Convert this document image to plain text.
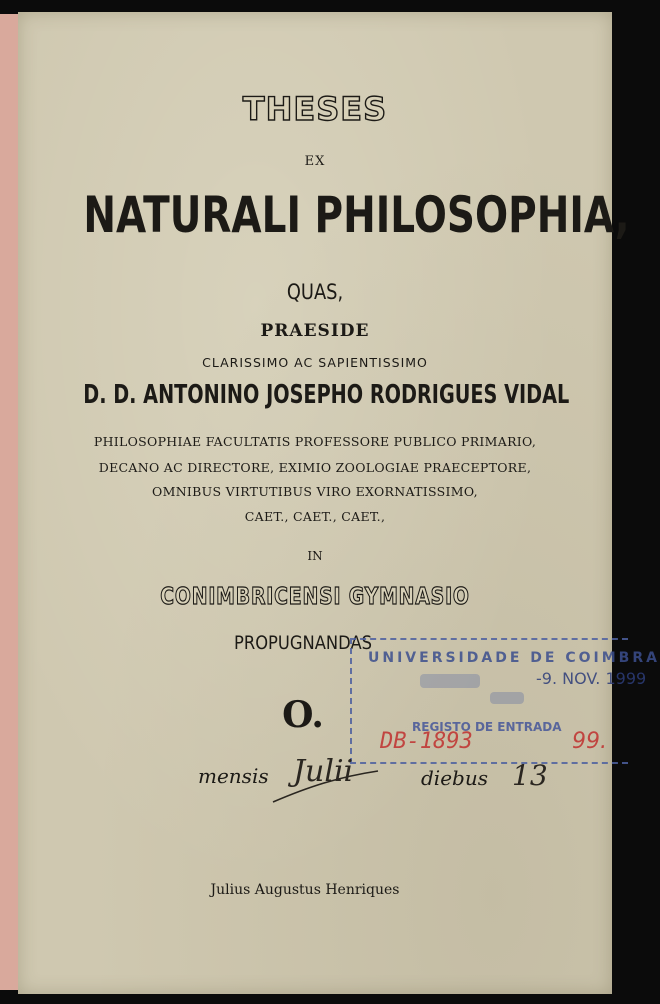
THESES
EX
NATURALI PHILOSOPHIA,
QUAS,
PRAESIDE
CLARISSIMO AC SAPIENTISSIMO
D. D. ANTONINO JOSEPHO RODRIGUES VIDAL
PHILOSOPHIAE FACULTATIS PROFESSORE PUBLICO PRIMARIO,
DECANO AC DIRECTORE, EXIMIO ZOOLOGIAE PRAECEPTORE,
OMNIBUS VIRTUTIBUS VIRO EXORNATISSIMO,
CAET., CAET., CAET.,
IN
CONIMBRICENSI GYMNASIO
PROPUGNANDAS
O.
UNIVERSIDADE DE COIMBRA
-9. NOV. 1999
REGISTO DE ENTRADA
DB-1893	99.
mensis Julii	diebus 13
Julius Augustus Henriques
